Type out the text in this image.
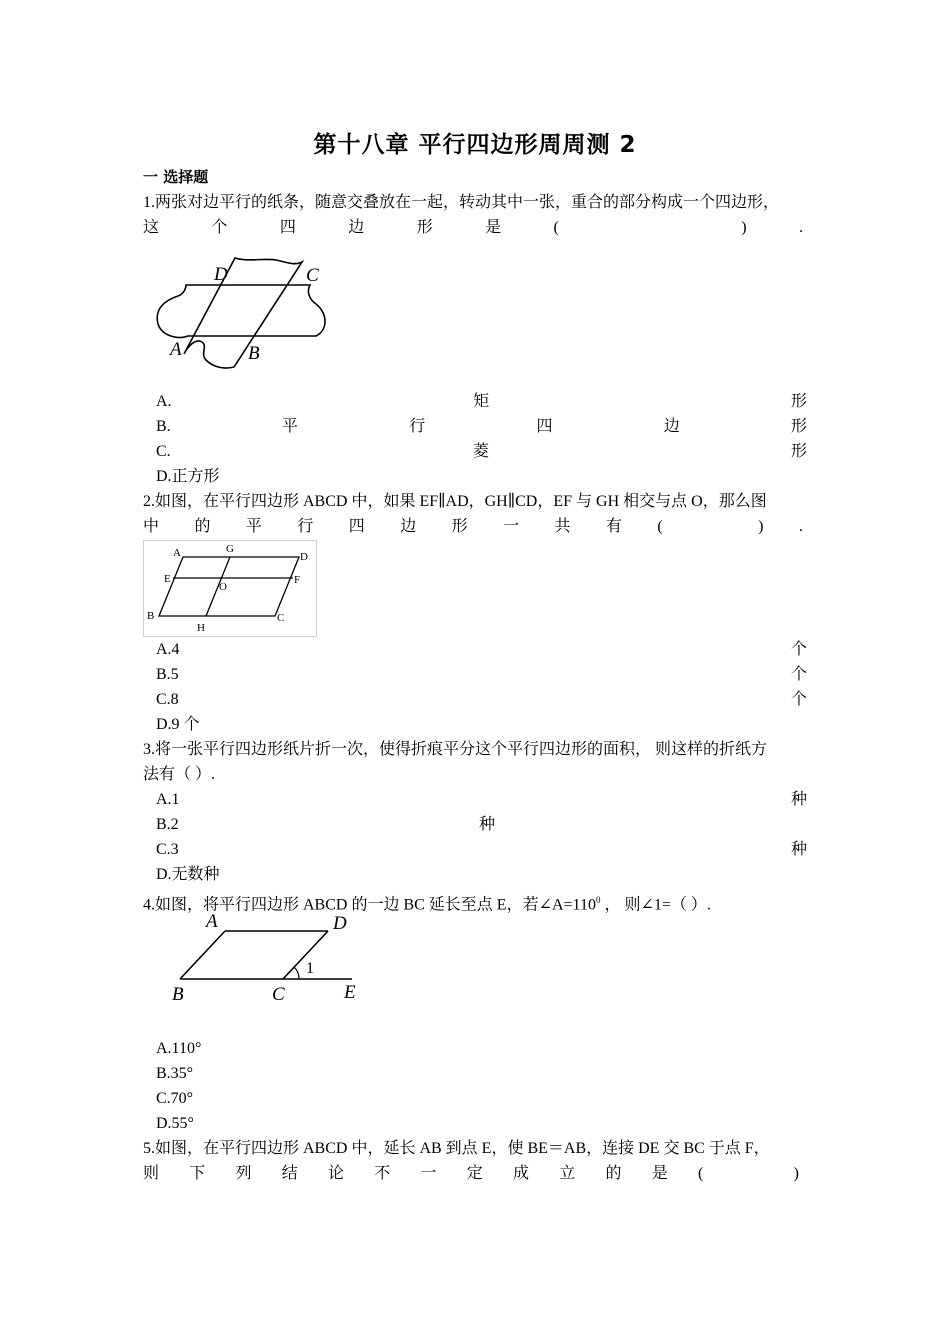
第十八章 平行四边形周周测 2
一 选择题
1.两张对边平行的纸条，随意交叠放在一起，转动其中一张，重合的部分构成一个四边形，
这	个	四	边	形	是	(	)	.
D	C
A	B
A.	矩	形
B.	平	行	四	边	形
C.	菱	形
D.正方形
2.如图，在平行四边形 ABCD 中，如果 EF∥AD，GH∥CD，EF 与 GH 相交与点 O，那么图
中 的 平 行 四 边 形 一 共 有 (	) .
A	G
D
E
O
F
B
H
C
A.4	个
B.5	个
C.8	个
D.9 个
3.将一张平行四边形纸片折一次，使得折痕平分这个平行四边形的面积， 则这样的折纸方
法有（ ）.
A.1	种
B.2	种
C.3	种
D.无数种
4.如图，将平行四边形 ABCD 的一边 BC 延长至点 E，若$\angle A=110^0$ ， 则∠1=（ ）.
A	D
1
B	C	E
A.110°
B.35°
C.70°
D.55°
5.如图，在平行四边形 ABCD 中，延长 AB 到点 E，使 BE＝AB，连接 DE 交 BC 于点 F，
则 下 列 结 论 不 一 定 成 立 的 是 (	)
